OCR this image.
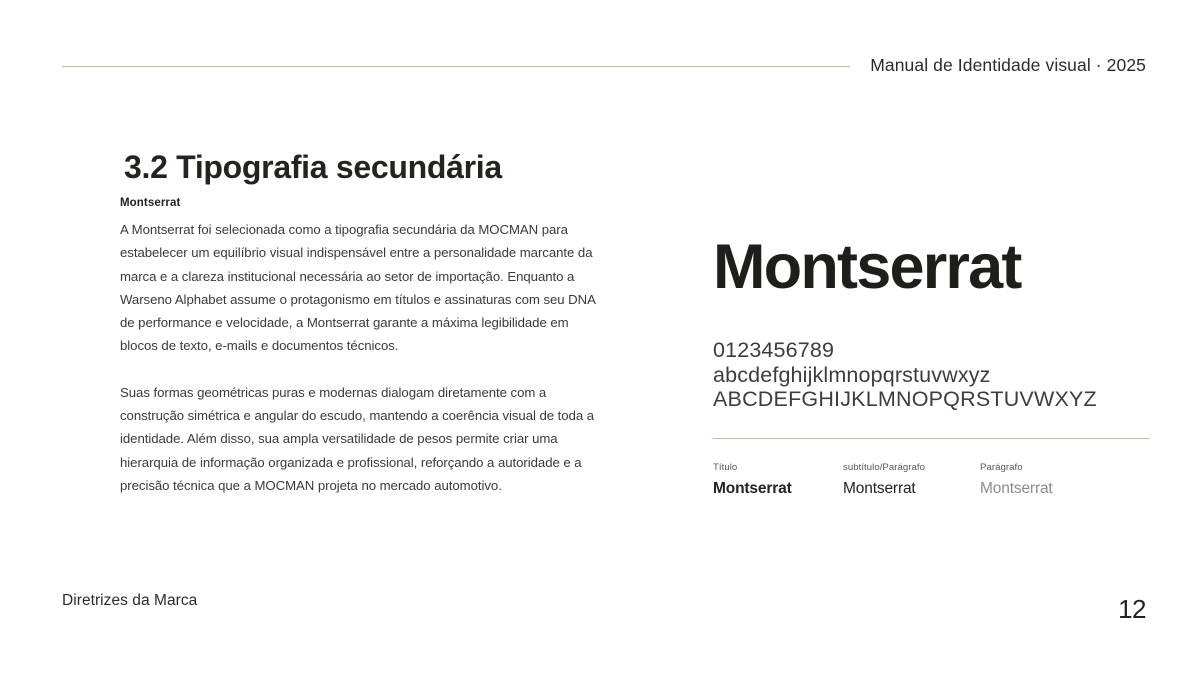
Manual de Identidade visual · 2025
3.2 Tipografia secundária
Montserrat

A Montserrat foi selecionada como a tipografia secundária da MOCMAN para estabelecer um equilíbrio visual indispensável entre a personalidade marcante da marca e a clareza institucional necessária ao setor de importação. Enquanto a Warseno Alphabet assume o protagonismo em títulos e assinaturas com seu DNA de performance e velocidade, a Montserrat garante a máxima legibilidade em blocos de texto, e-mails e documentos técnicos.

Suas formas geométricas puras e modernas dialogam diretamente com a construção simétrica e angular do escudo, mantendo a coerência visual de toda a identidade. Além disso, sua ampla versatilidade de pesos permite criar uma hierarquia de informação organizada e profissional, reforçando a autoridade e a precisão técnica que a MOCMAN projeta no mercado automotivo.

Montserrat
0123456789
abcdefghijklmnopqrstuvwxyz
ABCDEFGHIJKLMNOPQRSTUVWXYZ
Título
Montserrat
subtítulo/Parágrafo
Montserrat
Parágrafo
Montserrat
Diretrizes da Marca	12
